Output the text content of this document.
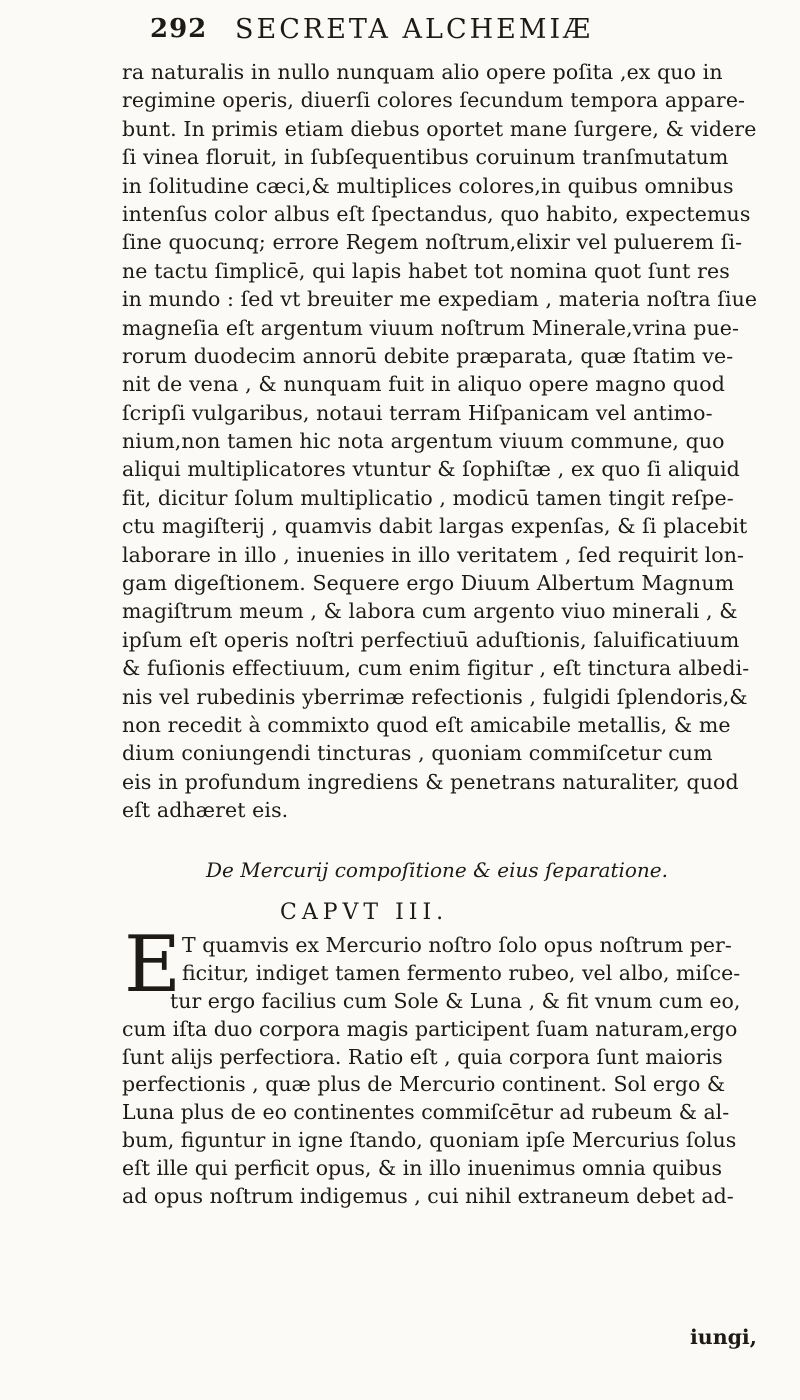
292 SECRETA ALCHEMIÆ
ra naturalis in nullo nunquam alio opere poſita ,ex quo in
regimine operis, diuerſi colores ſecundum tempora appare-
bunt. In primis etiam diebus oportet mane ſurgere, & videre
ſi vinea floruit, in ſubſequentibus coruinum tranſmutatum
in ſolitudine cæci,& multiplices colores,in quibus omnibus
intenſus color albus eſt ſpectandus, quo habito, expectemus
ſine quocunq; errore Regem noſtrum,elixir vel puluerem ſi-
ne tactu ſimplicē, qui lapis habet tot nomina quot ſunt res
in mundo : ſed vt breuiter me expediam , materia noſtra ſiue
magneſia eſt argentum viuum noſtrum Minerale,vrina pue-
rorum duodecim annorū debite præparata, quæ ſtatim ve-
nit de vena , & nunquam fuit in aliquo opere magno quod
ſcripſi vulgaribus, notaui terram Hiſpanicam vel antimo-
nium,non tamen hic nota argentum viuum commune, quo
aliqui multiplicatores vtuntur & ſophiſtæ , ex quo ſi aliquid
fit, dicitur ſolum multiplicatio , modicū tamen tingit reſpe-
ctu magiſterij , quamvis dabit largas expenſas, & ſi placebit
laborare in illo , inuenies in illo veritatem , ſed requirit lon-
gam digeſtionem. Sequere ergo Diuum Albertum Magnum
magiſtrum meum , & labora cum argento viuo minerali , &
ipſum eſt operis noſtri perfectiuū aduſtionis, ſaluificatiuum
& fuſionis effectiuum, cum enim figitur , eſt tinctura albedi-
nis vel rubedinis yberrimæ refectionis , fulgidi ſplendoris,&
non recedit à commixto quod eſt amicabile metallis, & me
dium coniungendi tincturas , quoniam commiſcetur cum
eis in profundum ingrediens & penetrans naturaliter, quod
eſt adhæret eis.
De Mercurij compoſitione & eius ſeparatione.
CAPVT III.
E T quamvis ex Mercurio noſtro ſolo opus noſtrum per-
ficitur, indiget tamen fermento rubeo, vel albo, miſce-
tur ergo facilius cum Sole & Luna , & fit vnum cum eo,
cum iſta duo corpora magis participent ſuam naturam,ergo
ſunt alijs perfectiora. Ratio eſt , quia corpora ſunt maioris
perfectionis , quæ plus de Mercurio continent. Sol ergo &
Luna plus de eo continentes commiſcētur ad rubeum & al-
bum, figuntur in igne ſtando, quoniam ipſe Mercurius ſolus
eſt ille qui perficit opus, & in illo inuenimus omnia quibus
ad opus noſtrum indigemus , cui nihil extraneum debet ad-
iungi,
